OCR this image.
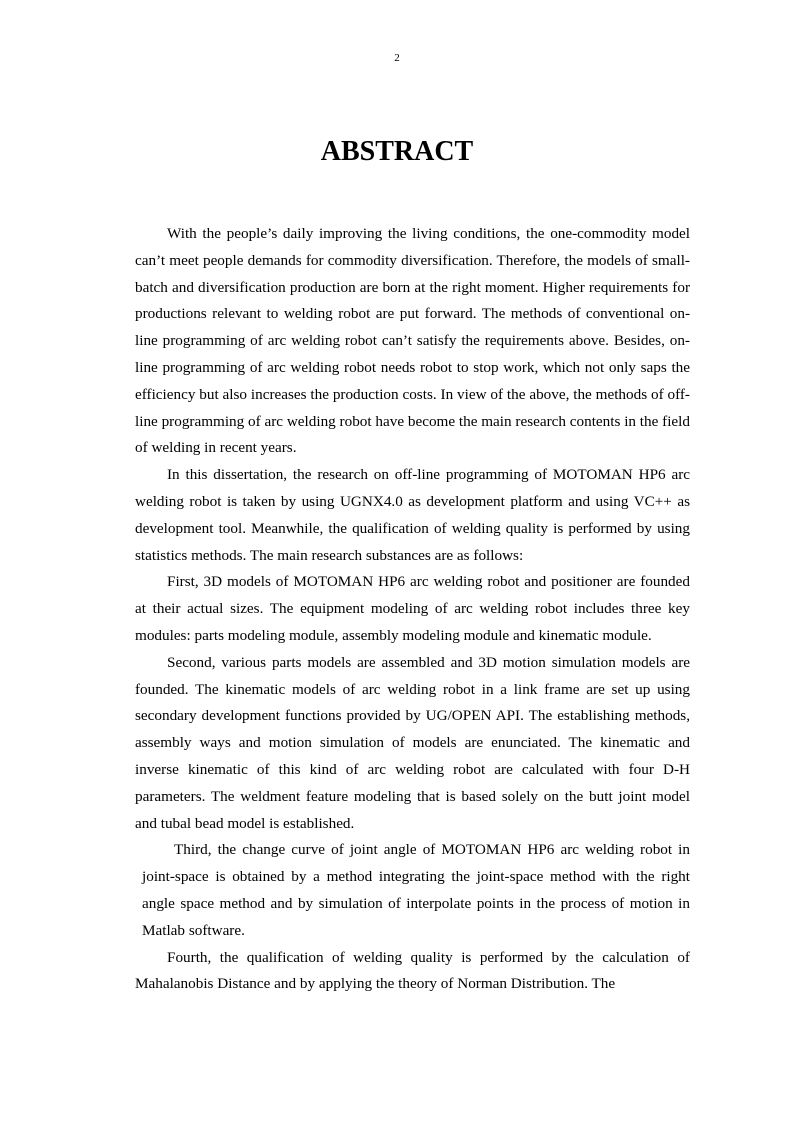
2
ABSTRACT

With the people’s daily improving the living conditions, the one-commodity model can’t meet people demands for commodity diversification. Therefore, the models of small-batch and diversification production are born at the right moment. Higher requirements for productions relevant to welding robot are put forward. The methods of conventional on-line programming of arc welding robot can’t satisfy the requirements above. Besides, on-line programming of arc welding robot needs robot to stop work, which not only saps the efficiency but also increases the production costs. In view of the above, the methods of off-line programming of arc welding robot have become the main research contents in the field of welding in recent years.

In this dissertation, the research on off-line programming of MOTOMAN HP6 arc welding robot is taken by using UGNX4.0 as development platform and using VC++ as development tool. Meanwhile, the qualification of welding quality is performed by using statistics methods. The main research substances are as follows:

First, 3D models of MOTOMAN HP6 arc welding robot and positioner are founded at their actual sizes. The equipment modeling of arc welding robot includes three key modules: parts modeling module, assembly modeling module and kinematic module.

Second, various parts models are assembled and 3D motion simulation models are founded. The kinematic models of arc welding robot in a link frame are set up using secondary development functions provided by UG/OPEN API. The establishing methods, assembly ways and motion simulation of models are enunciated. The kinematic and inverse kinematic of this kind of arc welding robot are calculated with four D-H parameters. The weldment feature modeling that is based solely on the butt joint model and tubal bead model is established.

Third, the change curve of joint angle of MOTOMAN HP6 arc welding robot in joint-space is obtained by a method integrating the joint-space method with the right angle space method and by simulation of interpolate points in the process of motion in Matlab software.

Fourth, the qualification of welding quality is performed by the calculation of Mahalanobis Distance and by applying the theory of Norman Distribution. The
